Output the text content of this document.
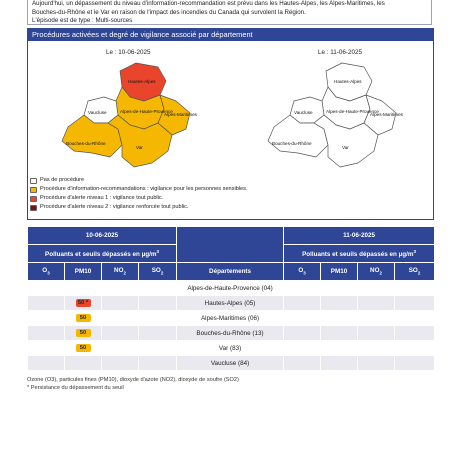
Aujourd'hui, un dépassement du niveau d'information-recommandation est prévu dans les Hautes-Alpes, les Alpes-Maritimes, les

Bouches-du-Rhône et le Var en raison de l'impact des incendies du Canada qui survolent la Région.

L'épisode est de type : Multi-sources

Procédures activées et degré de vigilance associé par département
Le : 10-06-2025	Le : 11-06-2025
Hautes-Alpes
Alpes-de-Haute-Provence
Alpes-Maritimes
Vaucluse
Bouches-du-Rhône
Var
Hautes-Alpes
Alpes-de-Haute-Provence
Alpes-Maritimes
Vaucluse
Bouches-du-Rhône
Var
Pas de procédure
Procédure d'information-recommandations : vigilance pour les personnes sensibles.
Procédure d'alerte niveau 1 : vigilance tout public.
Procédure d'alerte niveau 2 : vigilance renforcée tout public.
10-06-2025					11-06-2025			
Polluants et seuils dépassés en $\mu g/m^3$					Polluants et seuils dépassés en $\mu g/m^3$
$O_3$	PM10	$NO_2$	$SO_2$	Départements	$O_3$	PM10	$NO_2$	$SO_2$
				Alpes-de-Haute-Provence (04)				
	50 *			Hautes-Alpes (05)				
	50			Alpes-Maritimes (06)				
	50			Bouches-du-Rhône (13)				
	50			Var (83)				
				Vaucluse (84)				
Ozone (O3), particules fines (PM10), dioxyde d'azote (NO2), dioxyde de soufre (SO2)
* Persistance du dépassement du seuil
